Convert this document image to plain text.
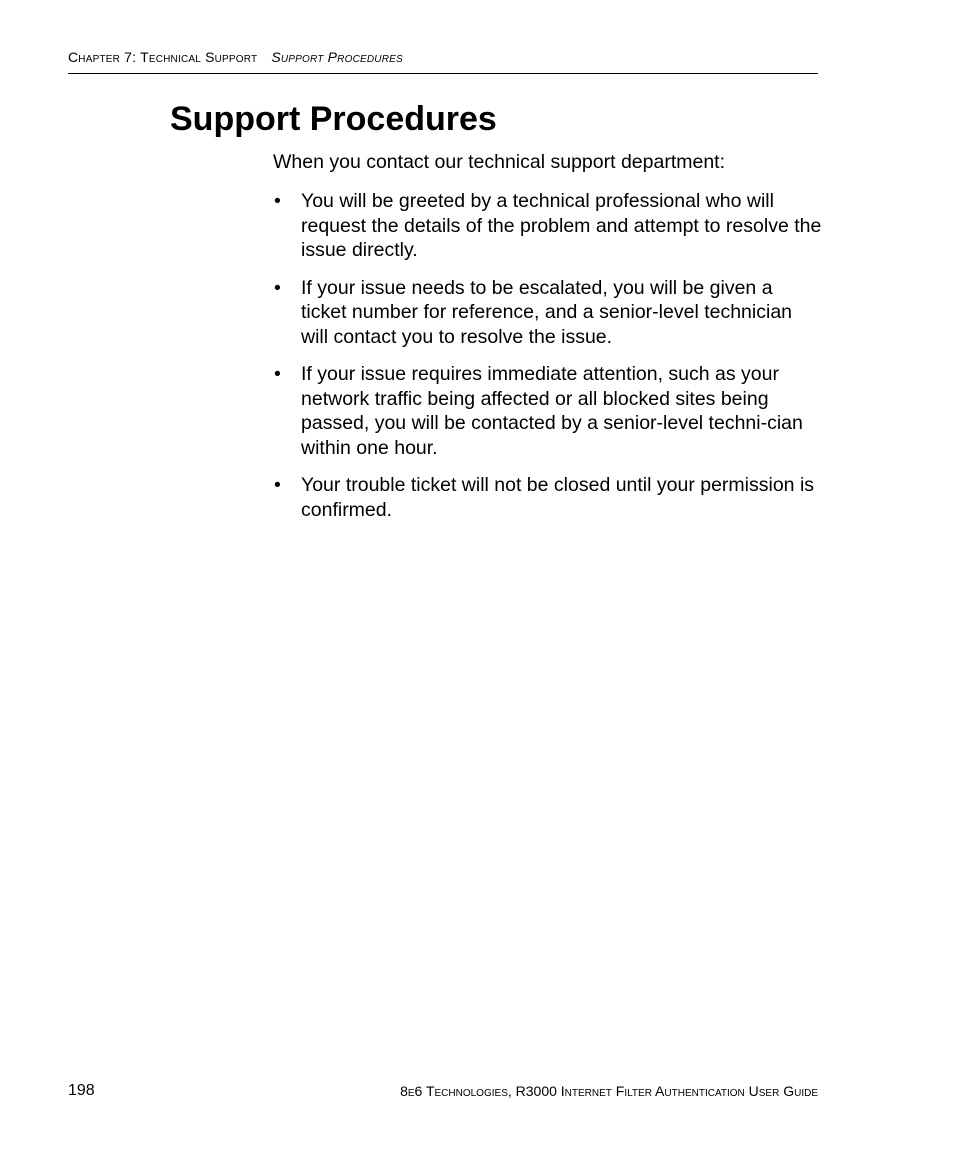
Chapter 7: Technical Support Support Procedures
Support Procedures

When you contact our technical support department:

•	You will be greeted by a technical professional who will request the details of the problem and attempt to resolve the issue directly.
•	If your issue needs to be escalated, you will be given a ticket number for reference, and a senior-level technician will contact you to resolve the issue.
•	If your issue requires immediate attention, such as your network traffic being affected or all blocked sites being passed, you will be contacted by a senior-level techni-cian within one hour.
•	Your trouble ticket will not be closed until your permission is confirmed.
198	8e6 Technologies, R3000 Internet Filter Authentication User Guide
